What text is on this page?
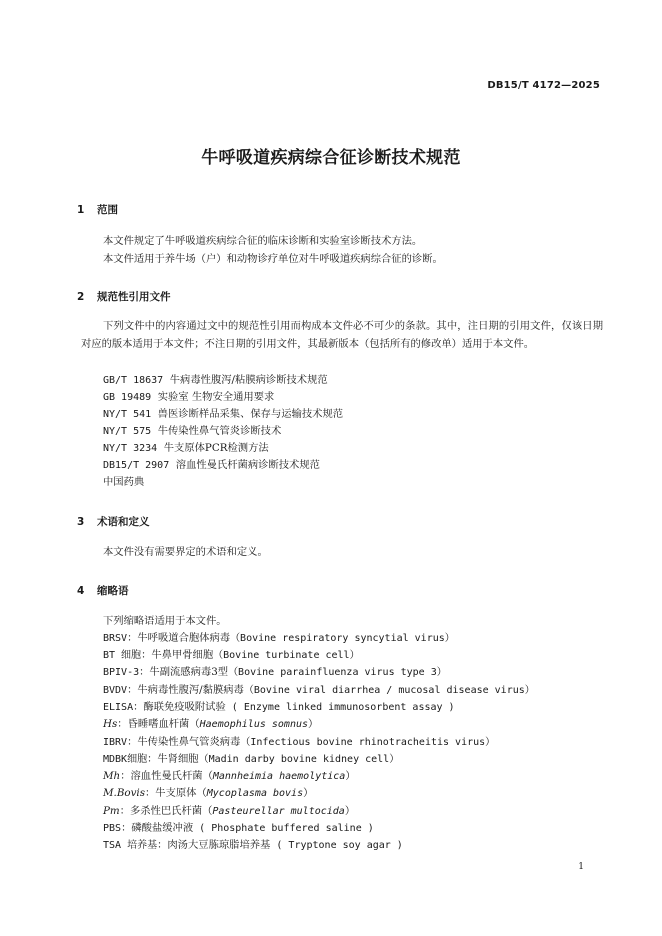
DB15/T 4172—2025
牛呼吸道疾病综合征诊断技术规范
1 范围
本文件规定了牛呼吸道疾病综合征的临床诊断和实验室诊断技术方法。
本文件适用于养牛场（户）和动物诊疗单位对牛呼吸道疾病综合征的诊断。
2 规范性引用文件
下列文件中的内容通过文中的规范性引用而构成本文件必不可少的条款。其中，注日期的引用文件，仅该日期对应的版本适用于本文件；不注日期的引用文件，其最新版本（包括所有的修改单）适用于本文件。
GB/T 18637 牛病毒性腹泻/粘膜病诊断技术规范
GB 19489 实验室 生物安全通用要求
NY/T 541 兽医诊断样品采集、保存与运输技术规范
NY/T 575 牛传染性鼻气管炎诊断技术
NY/T 3234 牛支原体PCR检测方法
DB15/T 2907 溶血性曼氏杆菌病诊断技术规范
中国药典
3 术语和定义
本文件没有需要界定的术语和定义。
4 缩略语
下列缩略语适用于本文件。
BRSV：牛呼吸道合胞体病毒（Bovine respiratory syncytial virus）
BT 细胞：牛鼻甲骨细胞（Bovine turbinate cell）
BPIV-3：牛副流感病毒3型（Bovine parainfluenza virus type 3）
BVDV：牛病毒性腹泻/黏膜病毒（Bovine viral diarrhea / mucosal disease virus）
ELISA：酶联免疫吸附试验 ( Enzyme linked immunosorbent assay )
Hs：昏睡嗜血杆菌（Haemophilus somnus）
IBRV：牛传染性鼻气管炎病毒（Infectious bovine rhinotracheitis virus）
MDBK细胞：牛肾细胞（Madin darby bovine kidney cell）
Mh：溶血性曼氏杆菌（Mannheimia haemolytica）
M.Bovis：牛支原体（Mycoplasma bovis）
Pm：多杀性巴氏杆菌（Pasteurellar multocida）
PBS：磷酸盐缓冲液 ( Phosphate buffered saline )
TSA 培养基：肉汤大豆胨琼脂培养基 ( Tryptone soy agar )
1
